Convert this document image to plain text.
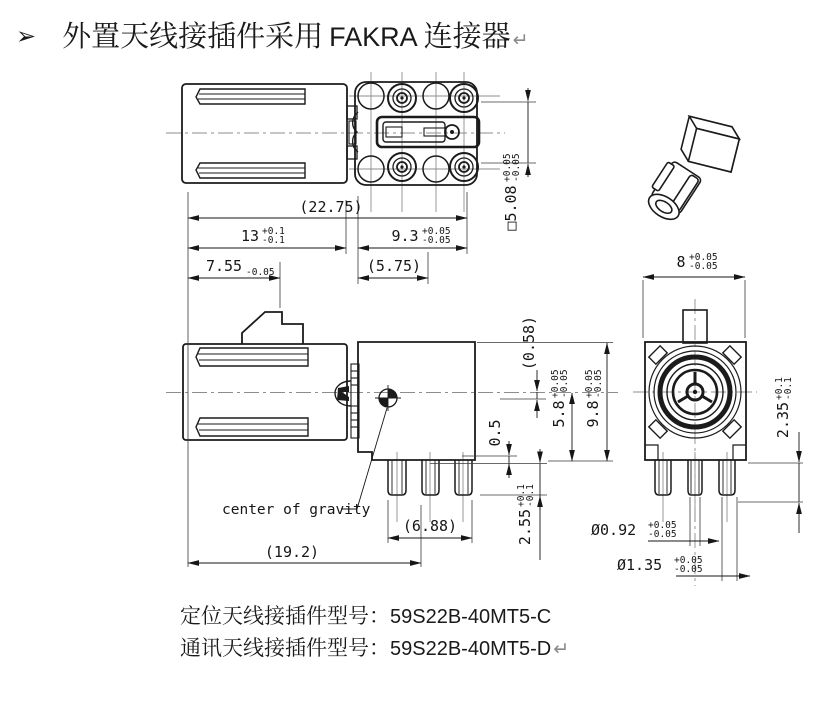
➢ 外置天线接插件采用 FAKRA 连接器 ↵
(22.75)
13 +0.1
-0.1	9.3 +0.05
-0.05
7.55 -0.05	(5.75)
□5.08
+0.05
-0.05
8 +0.05
-0.05
(0.58)
0.5
5.8
+0.05
-0.05
9.8
+0.05
-0.05
2.35
+0.1
-0.1
2.55
+0.1
-0.1
(6.88)
(19.2)
Ø0.92 +0.05
-0.05
Ø1.35 +0.05
-0.05
center of gravity
定位天线接插件型号：59S22B-40MT5-C
通讯天线接插件型号：59S22B-40MT5-D ↵
